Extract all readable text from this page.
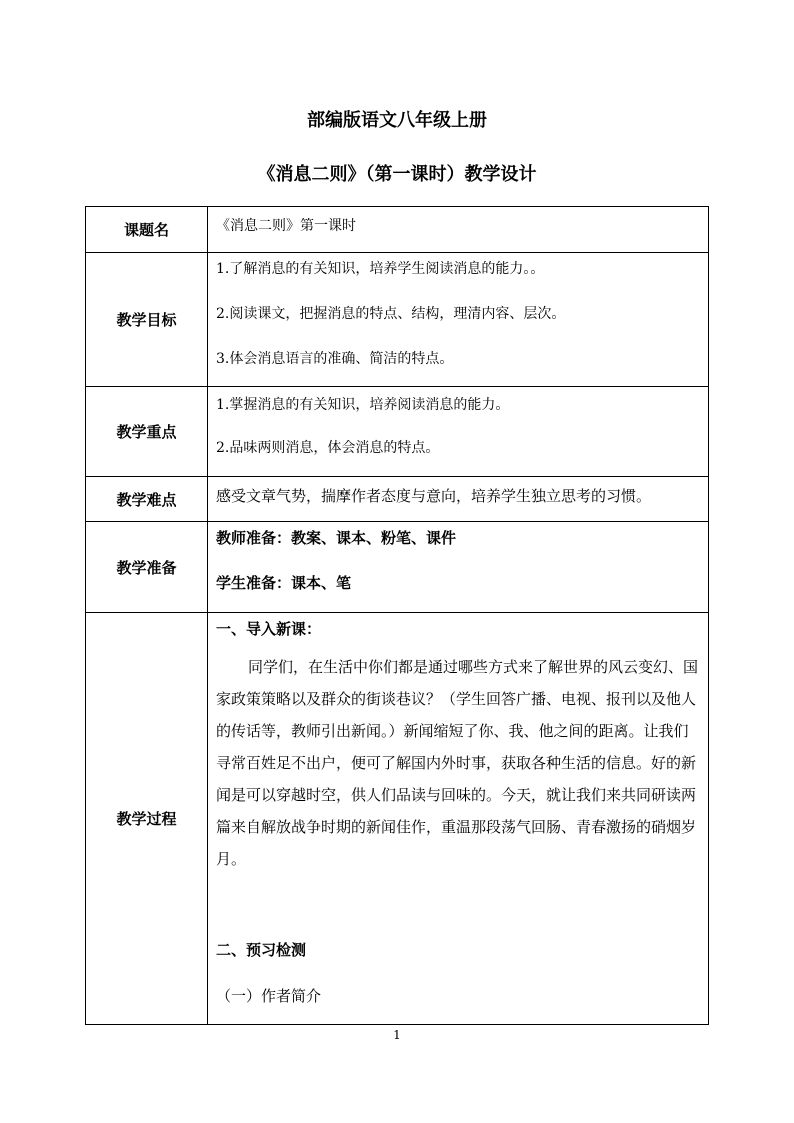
部编版语文八年级上册
《消息二则》（第一课时）教学设计
课题名	《消息二则》第一课时
教学目标	1.了解消息的有关知识，培养学生阅读消息的能力。。
2.阅读课文，把握消息的特点、结构，理清内容、层次。
3.体会消息语言的准确、简洁的特点。

教学重点	1.掌握消息的有关知识，培养阅读消息的能力。
2.品味两则消息，体会消息的特点。

教学难点	感受文章气势，揣摩作者态度与意向，培养学生独立思考的习惯。
教学准备	教师准备：教案、课本、粉笔、课件
学生准备：课本、笔

教学过程	一、导入新课：

同学们，在生活中你们都是通过哪些方式来了解世界的风云变幻、国家政策策略以及群众的街谈巷议？（学生回答广播、电视、报刊以及他人的传话等，教师引出新闻。）新闻缩短了你、我、他之间的距离。让我们寻常百姓足不出户，便可了解国内外时事，获取各种生活的信息。好的新闻是可以穿越时空，供人们品读与回味的。今天，就让我们来共同研读两篇来自解放战争时期的新闻佳作，重温那段荡气回肠、青春激扬的硝烟岁月。

二、预习检测
（一）作者简介
1
